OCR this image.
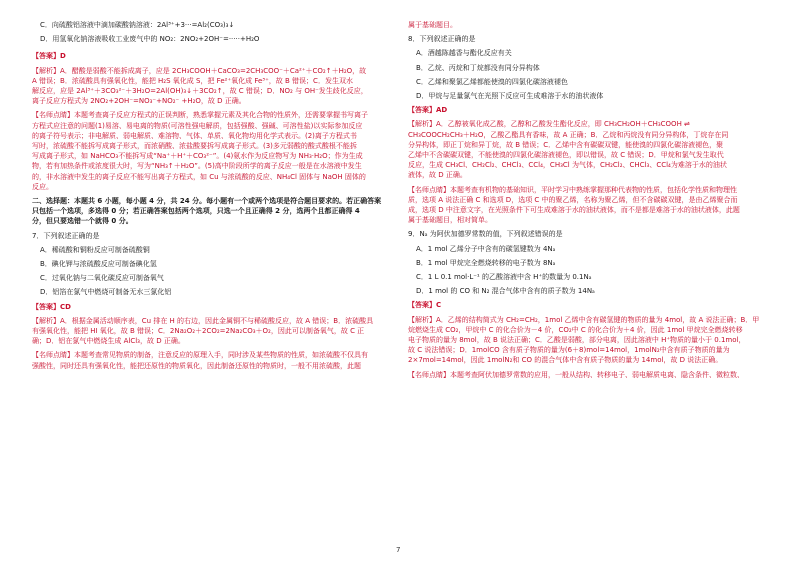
C．向硫酸铝溶液中滴加碳酸钠溶液：2Al³⁺+3···=Al₂(CO₃)₃↓
D．用氢氧化钠溶液吸收工业废气中的 NO₂：2NO₂+2OH⁻=·····+H₂O
【答案】D
【解析】A．醋酸是弱酸不能拆成离子，应是 2CH₃COOH＋CaCO₃=2CH₃COO⁻＋Ca²⁺＋CO₂↑＋H₂O，故
A 错误；B．浓硫酸具有强氧化性，能把 H₂S 氧化成 S，把 Fe²⁺氧化成 Fe³⁺，故 B 错误；C．发生双水
解反应，应是 2Al³⁺＋3CO₃²⁻＋3H₂O=2Al(OH)₃↓＋3CO₂↑，故 C 错误；D．NO₂ 与 OH⁻发生歧化反应，
离子反应方程式为 2NO₂+2OH⁻=NO₃⁻+NO₂⁻ +H₂O，故 D 正确。
【名师点睛】本题考查离子反应方程式的正误判断，熟悉掌握元素及其化合物的性质外，还需要掌握书写离子
方程式应注意的问题(1)易溶、易电离的物质(可溶性强电解质，包括强酸、强碱、可溶性盐)以实际参加反应
的离子符号表示；非电解质、弱电解质、难溶物、气体、单质、氧化物均用化学式表示。(2)离子方程式书
写时，浓硫酸不能拆写成离子形式，而浓硝酸、浓盐酸要拆写成离子形式。(3)多元弱酸的酸式酸根不能拆
写成离子形式，如 NaHCO₃不能拆写成“Na⁺＋H⁺＋CO₃²⁻”。(4)氨水作为反应物写为 NH₃·H₂O；作为生成
物，若有加热条件或浓度很大时，写为“NH₃↑＋H₂O”。(5)高中阶段所学的离子反应一般是在水溶液中发生
的，非水溶液中发生的离子反应不能写出离子方程式，如 Cu 与浓硫酸的反应、NH₄Cl 固体与 NaOH 固体的
反应。
二、选择题：本题共 6 小题，每小题 4 分，共 24 分。每小题有一个或两个选项是符合题目要求的。若正确答案
只包括一个选项，多选得 0 分；若正确答案包括两个选项，只选一个且正确得 2 分，选两个且都正确得 4
分，但只要选错一个就得 0 分。
7．下列叙述正确的是
A．稀硫酸和铜粉反应可制备硫酸铜
B．碘化钾与浓硫酸反应可制备碘化氢
C．过氧化钠与二氧化碳反应可制备氧气
D．铝箔在氯气中燃烧可制备无水三氯化铝
【答案】CD
【解析】A．根据金属活动顺序表，Cu 排在 H 的右边，因此金属铜不与稀硫酸反应，故 A 错误；B．浓硫酸具
有强氧化性，能把 HI 氧化，故 B 错误；C．2Na₂O₂＋2CO₂=2Na₂CO₃＋O₂，因此可以制备氧气，故 C 正
确；D．铝在氯气中燃烧生成 AlCl₃，故 D 正确。
【名师点睛】本题考查常见物质的制备，注意反应的原理入手，同时涉及某些物质的性质，如浓硫酸不仅具有
强酸性，同时还具有强氧化性，能把还原性的物质氧化，因此制备还原性的物质时，一般不用浓硫酸，此题
属于基础题目。
8．下列叙述正确的是
A．酒越陈越香与酯化反应有关
B．乙烷、丙烷和丁烷都没有同分异构体
C．乙烯和聚氯乙烯都能使溴的四氯化碳溶液褪色
D．甲烷与足量氯气在光照下反应可生成难溶于水的油状液体
【答案】AD
【解析】A．乙醇被氧化成乙酸，乙醇和乙酸发生酯化反应，即 CH₃CH₂OH＋CH₃COOH ⇌
CH₃COOCH₂CH₃＋H₂O，乙酸乙酯具有香味，故 A 正确；B．乙烷和丙烷没有同分异构体，丁烷存在同
分异构体，即正丁烷和异丁烷，故 B 错误；C．乙烯中含有碳碳双键，能使溴的四氯化碳溶液褪色，聚
乙烯中不含碳碳双键，不能使溴的四氯化碳溶液褪色，即以错误，故 C 错误；D．甲烷和氯气发生取代
反应，生成 CH₃Cl、CH₂Cl₂、CHCl₃、CCl₄，CH₃Cl 为气体，CH₂Cl₂、CHCl₃、CCl₄为难溶于水的油状
液体，故 D 正确。
【名师点睛】本题考查有机物的基础知识，平时学习中熟练掌握那种代表物的性质，包括化学性质和物理性
质，选项 A 说法正确 C 和选项 D，选项 C 中的聚乙烯，名称为聚乙烯，但不含碳碳双键，是由乙烯聚合而
成，选项 D 中注意文字，在光照条件下可生成难溶于水的油状液体，而不是都是难溶于水的油状液体，此题
属于基础题目，相对简单。
9．Nₐ 为阿伏加德罗常数的值，下列叙述错误的是
A．1 mol 乙烯分子中含有的碳氢键数为 4Nₐ
B．1 mol 甲烷完全燃烧转移的电子数为 8Nₐ
C．1 L 0.1 mol·L⁻¹ 的乙酸溶液中含 H⁺的数量为 0.1Nₐ
D．1 mol 的 CO 和 N₂ 混合气体中含有的质子数为 14Nₐ
【答案】C
【解析】A．乙烯的结构简式为 CH₂=CH₂，1mol 乙烯中含有碳氢键的物质的量为 4mol，故 A 说法正确；B．甲
烷燃烧生成 CO₂，甲烷中 C 的化合价为－4 价，CO₂中 C 的化合价为＋4 价，因此 1mol 甲烷完全燃烧转移
电子物质的量为 8mol，故 B 说法正确；C．乙酸是弱酸，部分电离，因此溶液中 H⁺物质的量小于 0.1mol，
故 C 说法错误；D．1molCO 含有质子物质的量为(6＋8)mol=14mol，1molN₂中含有质子物质的量为
2×7mol=14mol，因此 1molN₂和 CO 的混合气体中含有质子物质的量为 14mol，故 D 说法正确。
【名师点睛】本题考查阿伏加德罗常数的应用，一般从结构、转移电子、弱电解质电离、隐含条件、微粒数、
7
